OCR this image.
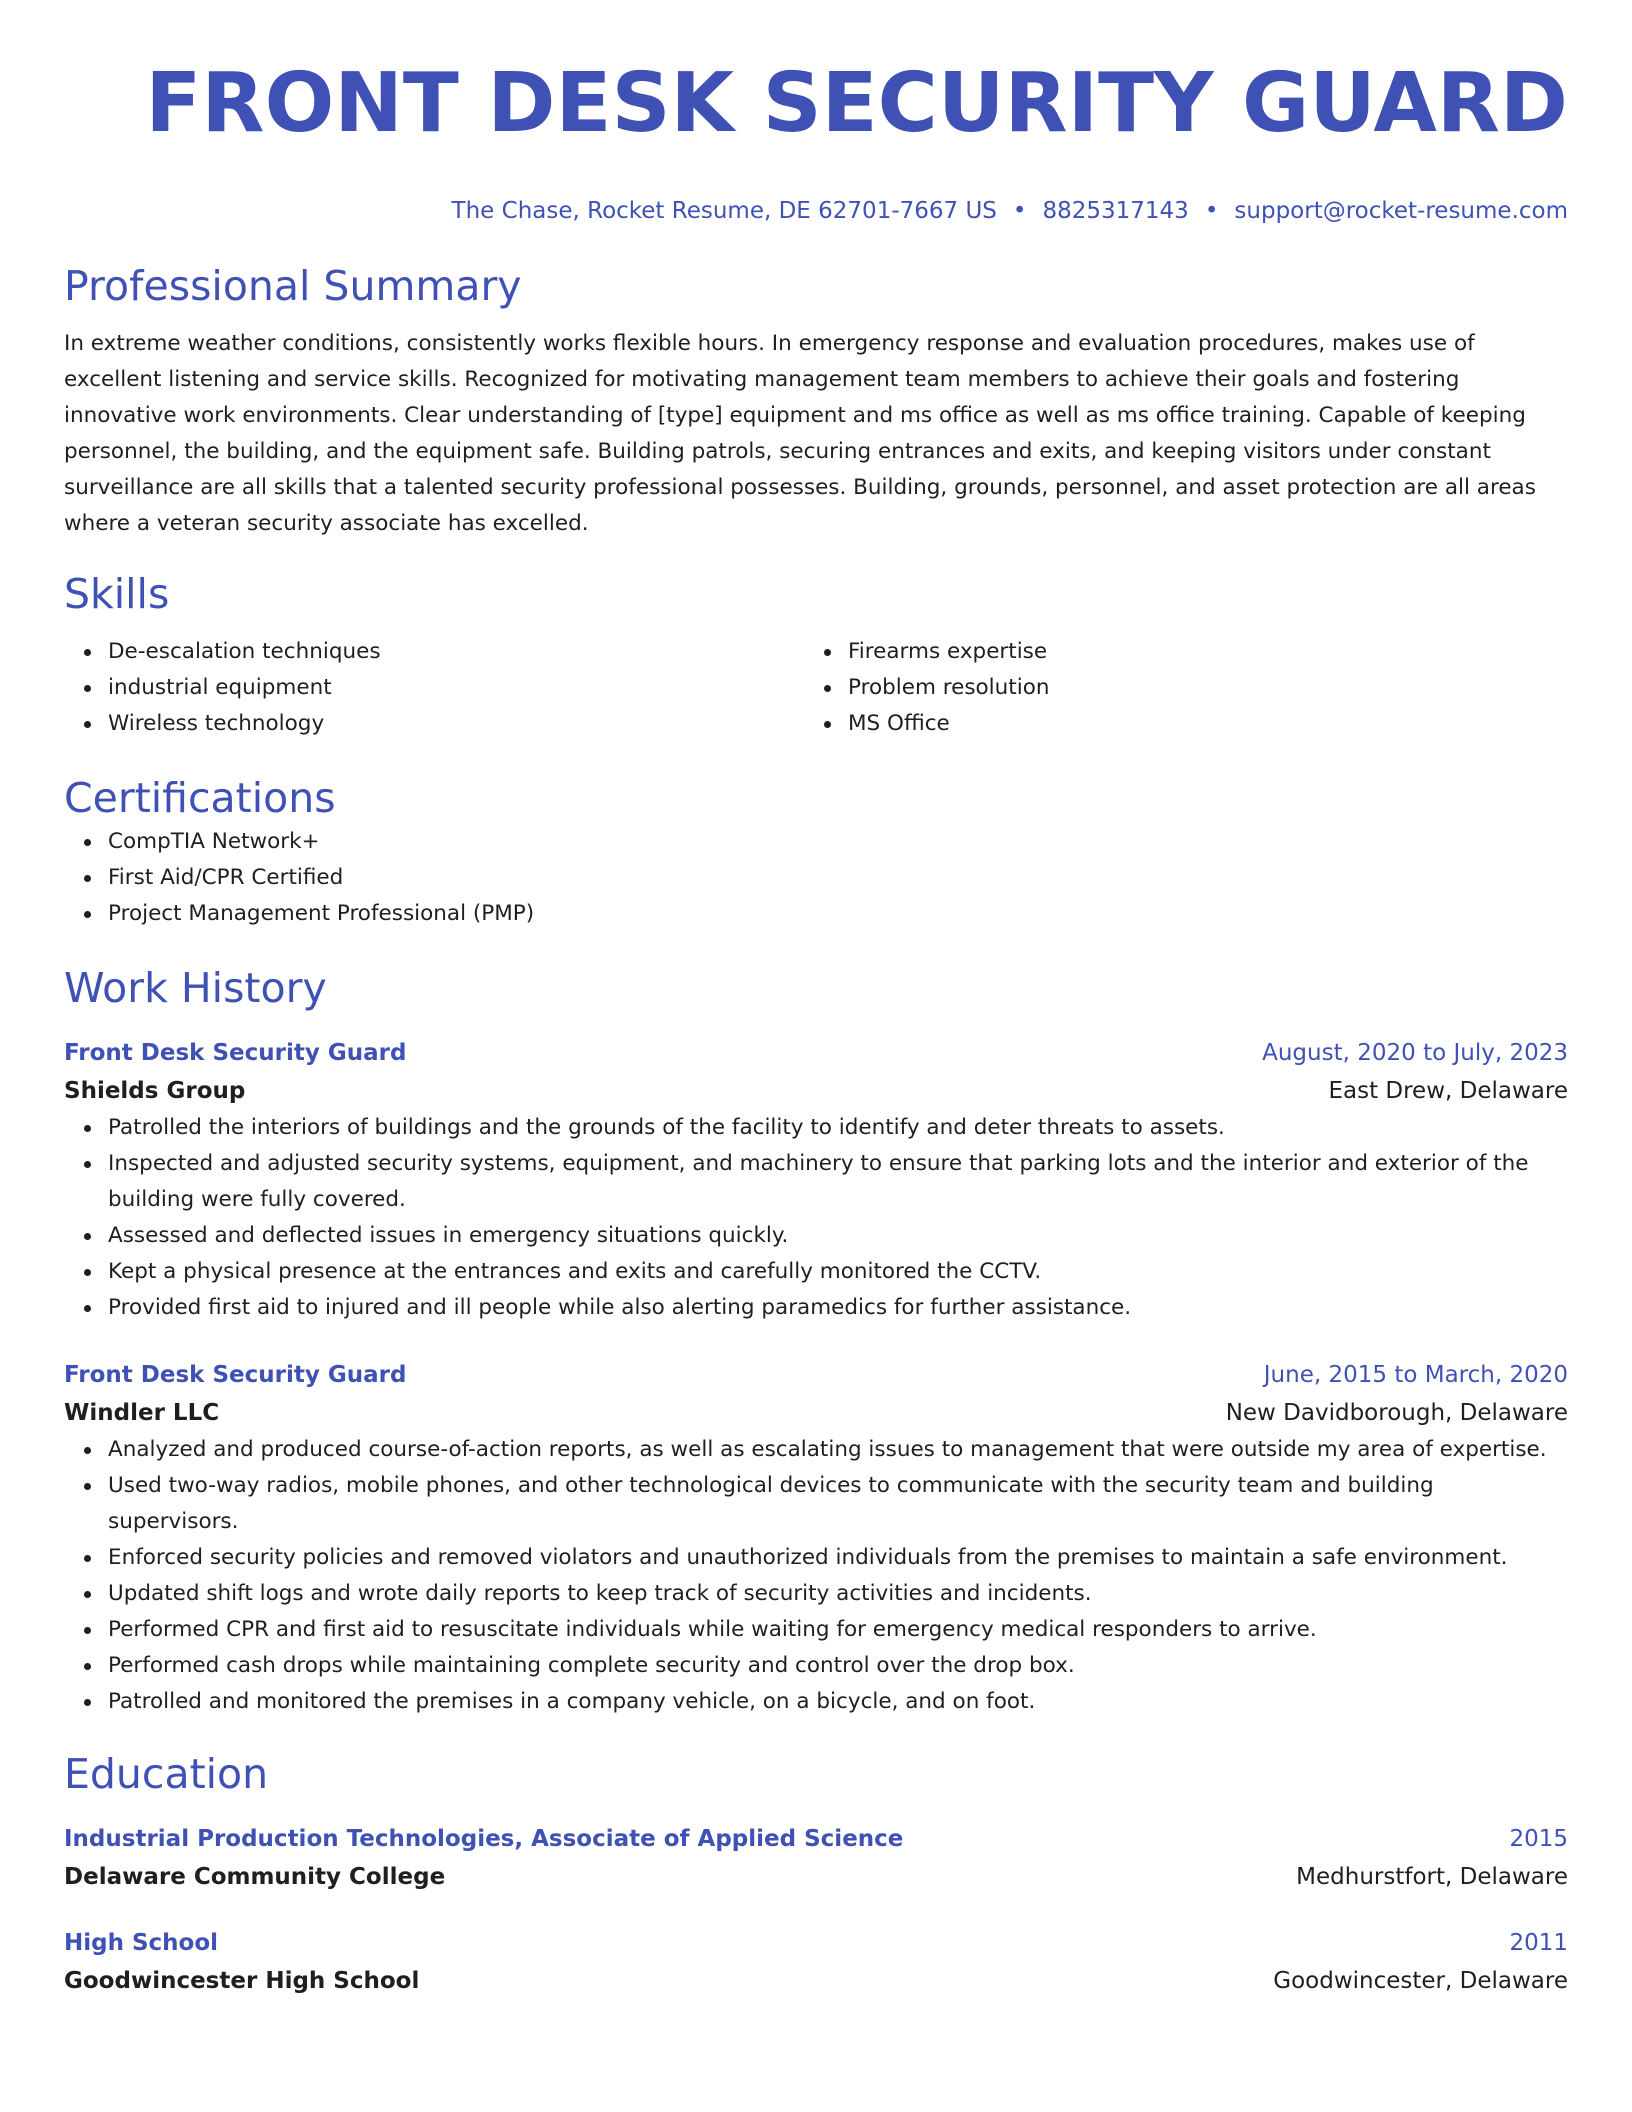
FRONT DESK SECURITY GUARD
The Chase, Rocket Resume, DE 62701-7667 US • 8825317143 • support@rocket-resume.com
Professional Summary

In extreme weather conditions, consistently works flexible hours. In emergency response and evaluation procedures, makes use of excellent listening and service skills. Recognized for motivating management team members to achieve their goals and fostering innovative work environments. Clear understanding of [type] equipment and ms office as well as ms office training. Capable of keeping personnel, the building, and the equipment safe. Building patrols, securing entrances and exits, and keeping visitors under constant surveillance are all skills that a talented security professional possesses. Building, grounds, personnel, and asset protection are all areas where a veteran security associate has excelled.

Skills
De-escalation techniques
industrial equipment
Wireless technology
Firearms expertise
Problem resolution
MS Office
Certifications
CompTIA Network+
First Aid/CPR Certified
Project Management Professional (PMP)
Work History
Front Desk Security Guard	August, 2020 to July, 2023
Shields Group	East Drew, Delaware
Patrolled the interiors of buildings and the grounds of the facility to identify and deter threats to assets.
Inspected and adjusted security systems, equipment, and machinery to ensure that parking lots and the interior and exterior of the building were fully covered.
Assessed and deflected issues in emergency situations quickly.
Kept a physical presence at the entrances and exits and carefully monitored the CCTV.
Provided first aid to injured and ill people while also alerting paramedics for further assistance.
Front Desk Security Guard	June, 2015 to March, 2020
Windler LLC	New Davidborough, Delaware
Analyzed and produced course-of-action reports, as well as escalating issues to management that were outside my area of expertise.
Used two-way radios, mobile phones, and other technological devices to communicate with the security team and building supervisors.
Enforced security policies and removed violators and unauthorized individuals from the premises to maintain a safe environment.
Updated shift logs and wrote daily reports to keep track of security activities and incidents.
Performed CPR and first aid to resuscitate individuals while waiting for emergency medical responders to arrive.
Performed cash drops while maintaining complete security and control over the drop box.
Patrolled and monitored the premises in a company vehicle, on a bicycle, and on foot.
Education
Industrial Production Technologies, Associate of Applied Science	2015
Delaware Community College	Medhurstfort, Delaware
High School	2011
Goodwincester High School	Goodwincester, Delaware
